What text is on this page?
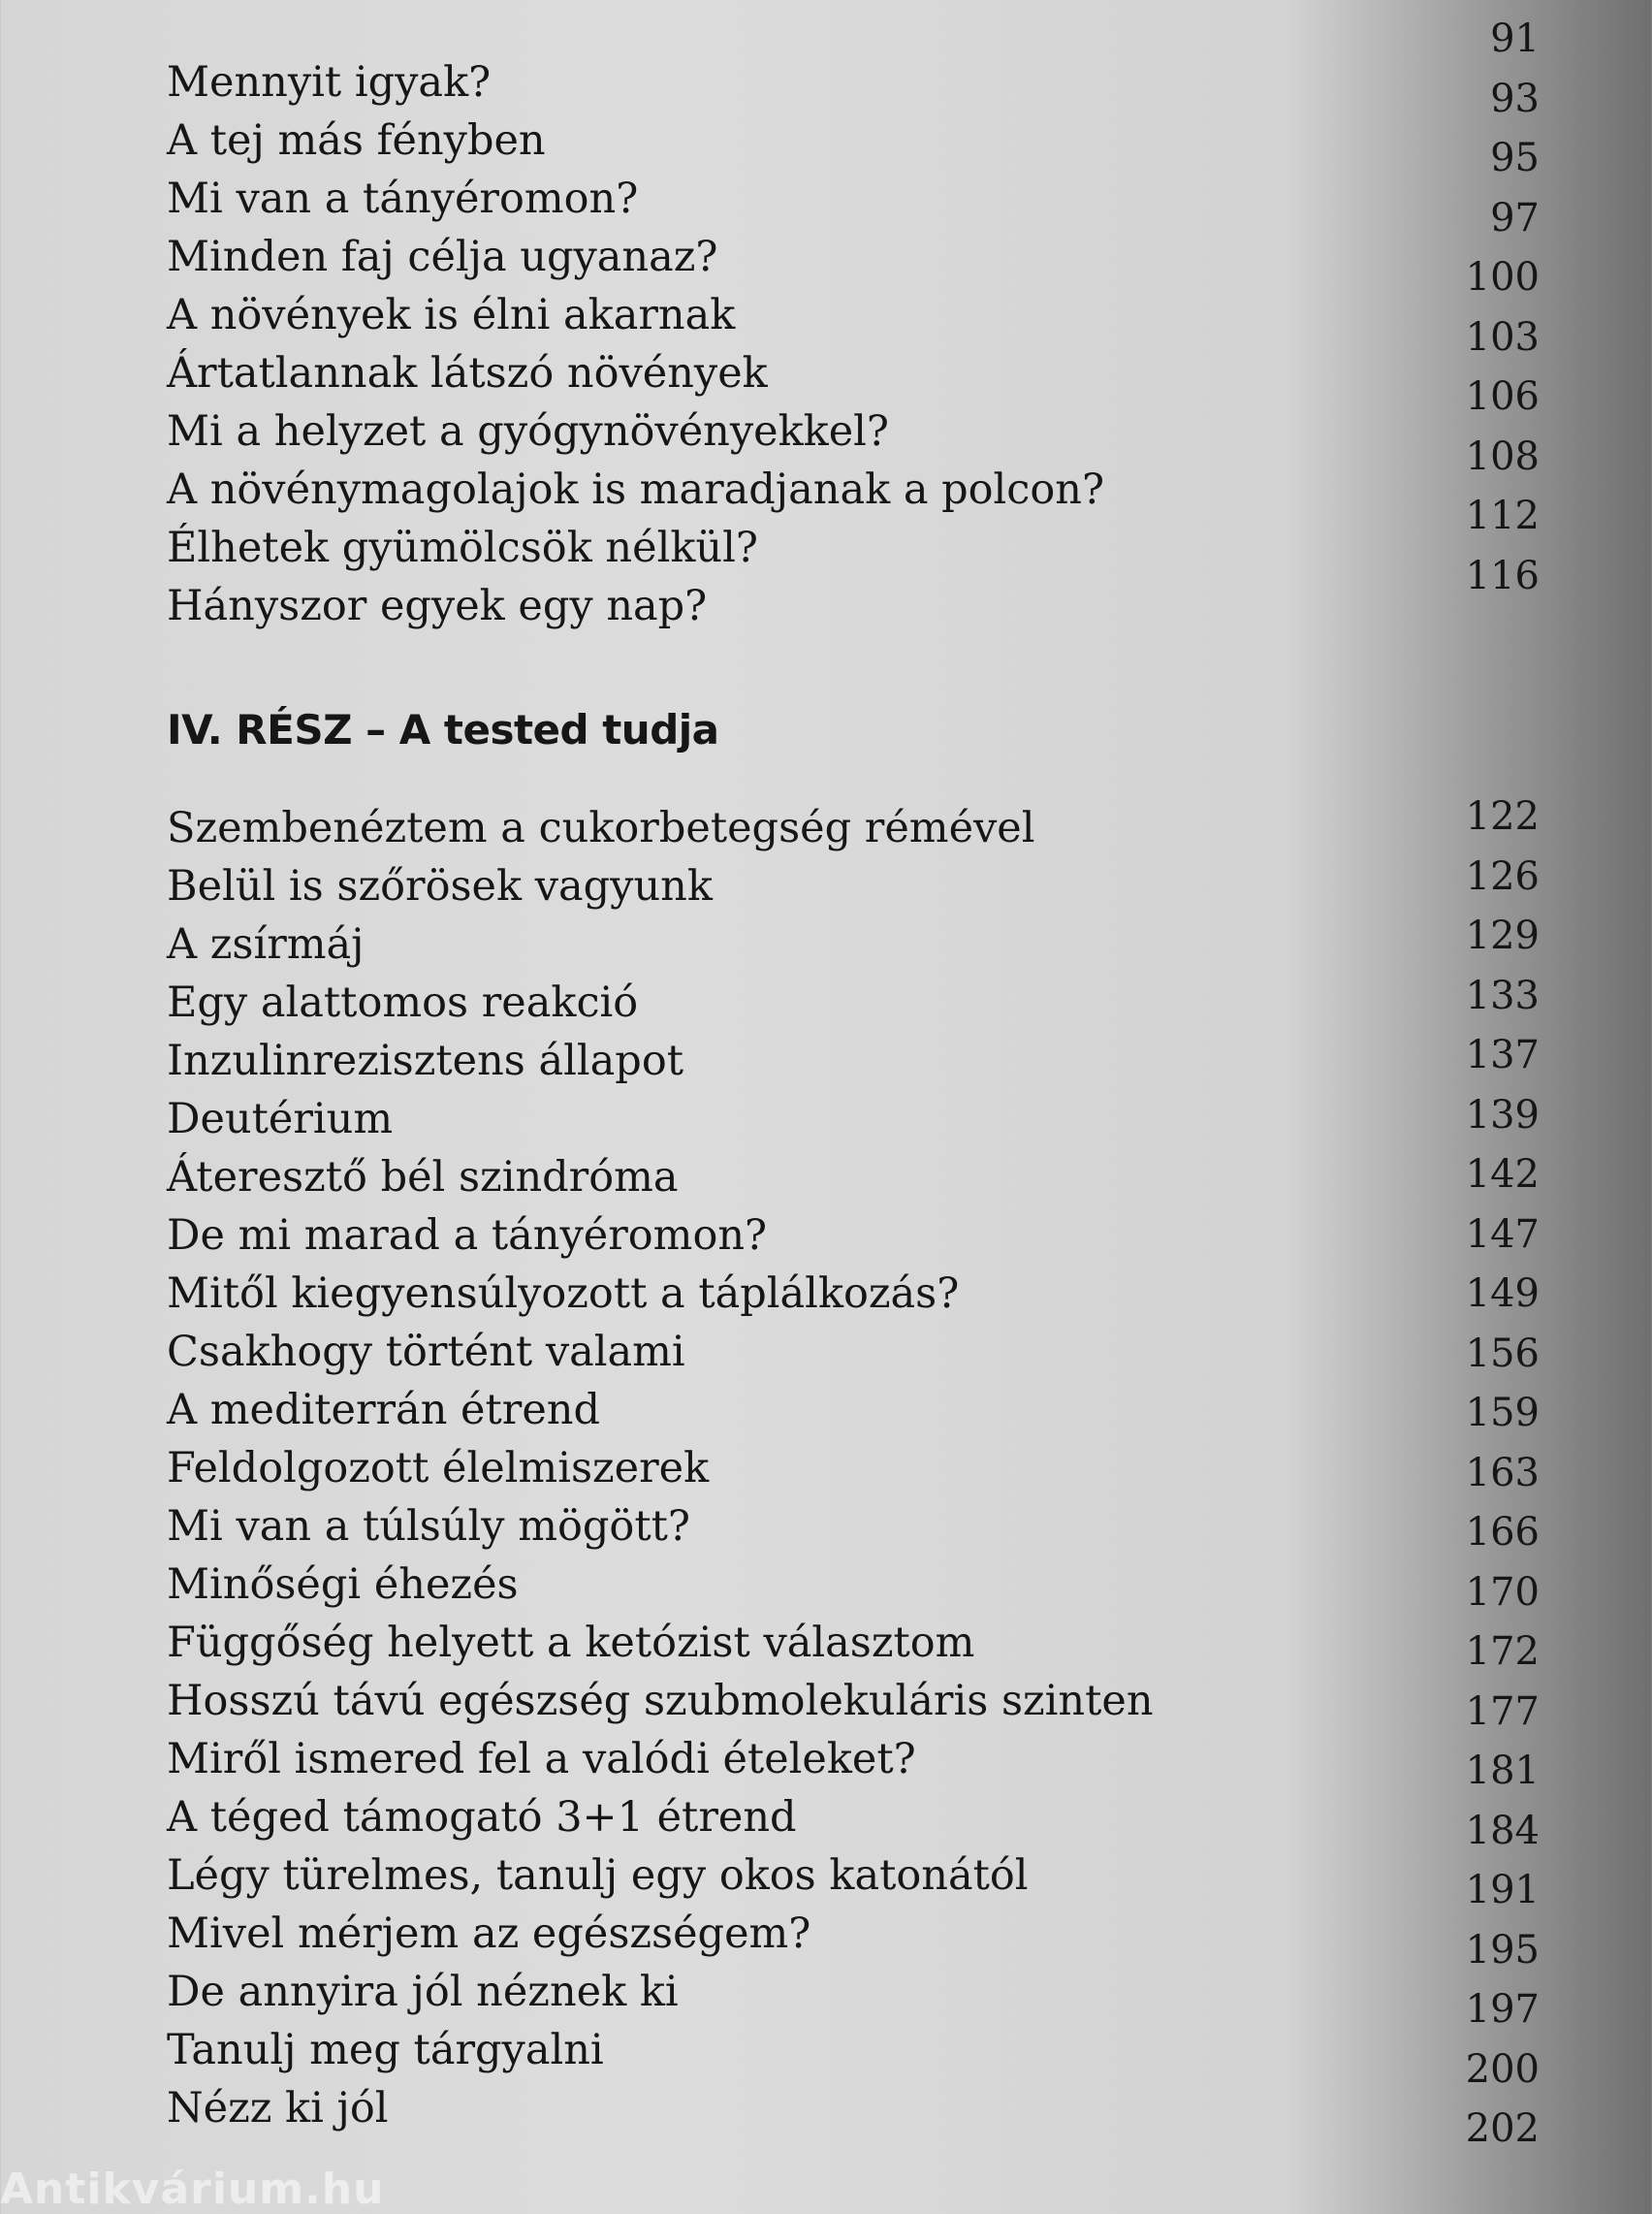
91
93
95
97
100
103
106
108
112
116
Mennyit igyak?
A tej más fényben
Mi van a tányéromon?
Minden faj célja ugyanaz?
A növények is élni akarnak
Ártatlannak látszó növények
Mi a helyzet a gyógynövényekkel?
A növénymagolajok is maradjanak a polcon?
Élhetek gyümölcsök nélkül?
Hányszor egyek egy nap?
IV. RÉSZ – A tested tudja
Szembenéztem a cukorbetegség rémével
Belül is szőrösek vagyunk
A zsírmáj
Egy alattomos reakció
Inzulinrezisztens állapot
Deutérium
Áteresztő bél szindróma
De mi marad a tányéromon?
Mitől kiegyensúlyozott a táplálkozás?
Csakhogy történt valami
A mediterrán étrend
Feldolgozott élelmiszerek
Mi van a túlsúly mögött?
Minőségi éhezés
Függőség helyett a ketózist választom
Hosszú távú egészség szubmolekuláris szinten
Miről ismered fel a valódi ételeket?
A téged támogató 3+1 étrend
Légy türelmes, tanulj egy okos katonától
Mivel mérjem az egészségem?
De annyira jól néznek ki
Tanulj meg tárgyalni
Nézz ki jól
122
126
129
133
137
139
142
147
149
156
159
163
166
170
172
177
181
184
191
195
197
200
202
Antikvárium.hu
